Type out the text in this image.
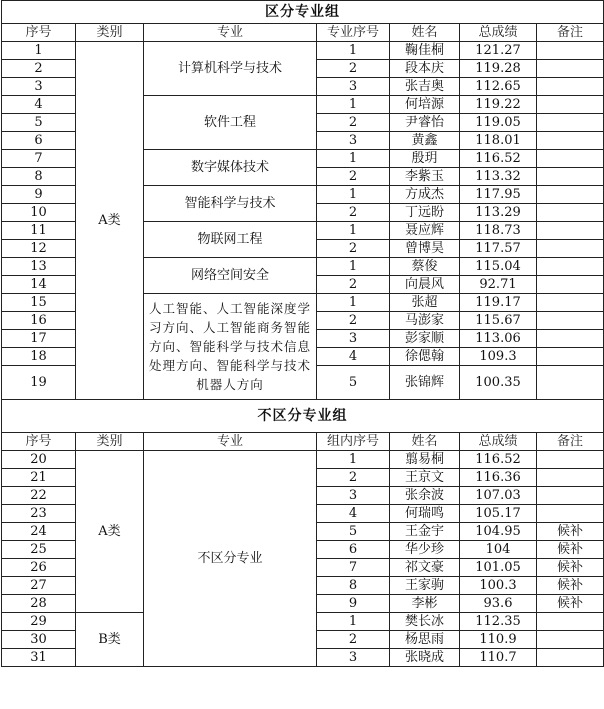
区分专业组						
序号	类别	专业	专业序号	姓名	总成绩	备注
1	A类	计算机科学与技术	1	鞠佳桐	121.27	
2			2	段本庆	119.28	
3			3	张吉奥	112.65	
4		软件工程	1	何培源	119.22	
5			2	尹睿怡	119.05	
6			3	黄鑫	118.01	
7		数字媒体技术	1	殷玥	116.52	
8			2	李紫玉	113.32	
9		智能科学与技术	1	方成杰	117.95	
10			2	丁远盼	113.29	
11		物联网工程	1	聂应辉	118.73	
12			2	曾博昊	117.57	
13		网络空间安全	1	蔡俊	115.04	
14			2	向晨风	92.71	
15		人工智能、人工智能深度学习方向、人工智能商务智能方向、智能科学与技术信息处理方向、智能科学与技术机器人方向	1	张超	119.17	
16			2	马澎家	115.67	
17			3	彭家顺	113.06	
18			4	徐偲翰	109.3	
19			5	张锦辉	100.35	
不区分专业组						
序号	类别	专业	组内序号	姓名	总成绩	备注
20	A类	不区分专业	1	翦易桐	116.52	
21			2	王京文	116.36	
22			3	张余波	107.03	
23			4	何瑞鸣	105.17	
24			5	王金宇	104.95	候补
25			6	华少珍	104	候补
26			7	祁文豪	101.05	候补
27			8	王家驹	100.3	候补
28			9	李彬	93.6	候补
29	B类		1	樊长冰	112.35	
30			2	杨思雨	110.9	
31			3	张晓成	110.7	
